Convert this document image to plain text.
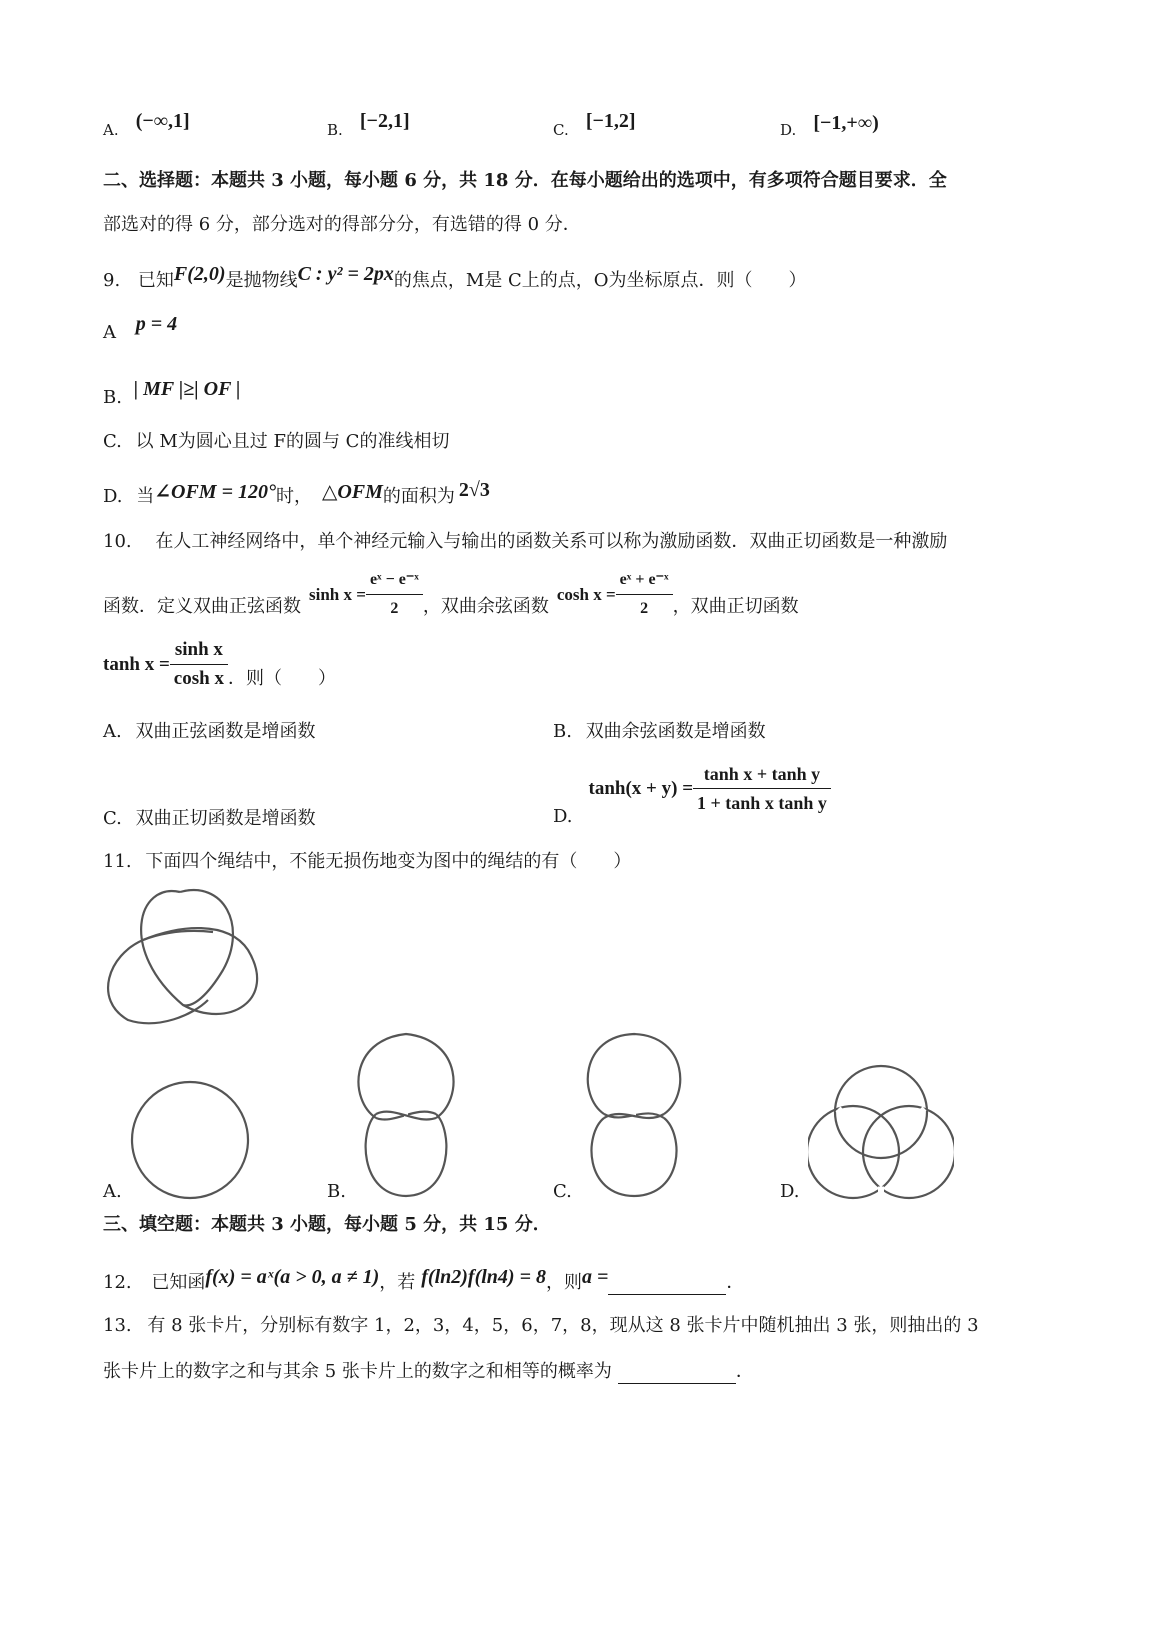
A. (−∞,1]	B. [−2,1]	C. [−1,2]	D. [−1,+∞)
二、选择题：本题共 3 小题，每小题 6 分，共 18 分．在每小题给出的选项中，有多项符合题目要求．全
部选对的得 6 分，部分选对的得部分分，有选错的得 0 分．
9. 已知F(2,0)是抛物线C : y² = 2px的焦点，M是 C上的点，O为坐标原点．则（　　）
A p = 4
B. | MF |≥| OF |
C. 以 M为圆心且过 F的圆与 C的准线相切
D. 当∠OFM = 120°时， △OFM的面积为 2√3
10. 在人工神经网络中，单个神经元输入与输出的函数关系可以称为激励函数．双曲正切函数是一种激励
函数．定义双曲正弦函数
$\sinh x = \frac{\text{eˣ − e⁻ˣ}}{2}$ ，双曲余弦函数
$\cosh x = \frac{\text{eˣ + e⁻ˣ}}{2}$ ，双曲正切函数
$\tanh x = \frac{\text{sinh x}}{\text{cosh x}}$ ．则（　　）
A. 双曲正弦函数是增函数	B. 双曲余弦函数是增函数
C. 双曲正切函数是增函数	D.
$\tanh(x + y) = \frac{\text{tanh x + tanh y}}{\text{1 + tanh x tanh y}}$
11. 下面四个绳结中，不能无损伤地变为图中的绳结的有（　　）
A.	B.	C.	D.
三、填空题：本题共 3 小题，每小题 5 分，共 15 分．
12. 已知函f(x) = aˣ(a > 0, a ≠ 1)，若 f(ln2)f(ln4) = 8，则a =	．
13. 有 8 张卡片，分别标有数字 1，2，3，4，5，6，7，8，现从这 8 张卡片中随机抽出 3 张，则抽出的 3
张卡片上的数字之和与其余 5 张卡片上的数字之和相等的概率为	．
